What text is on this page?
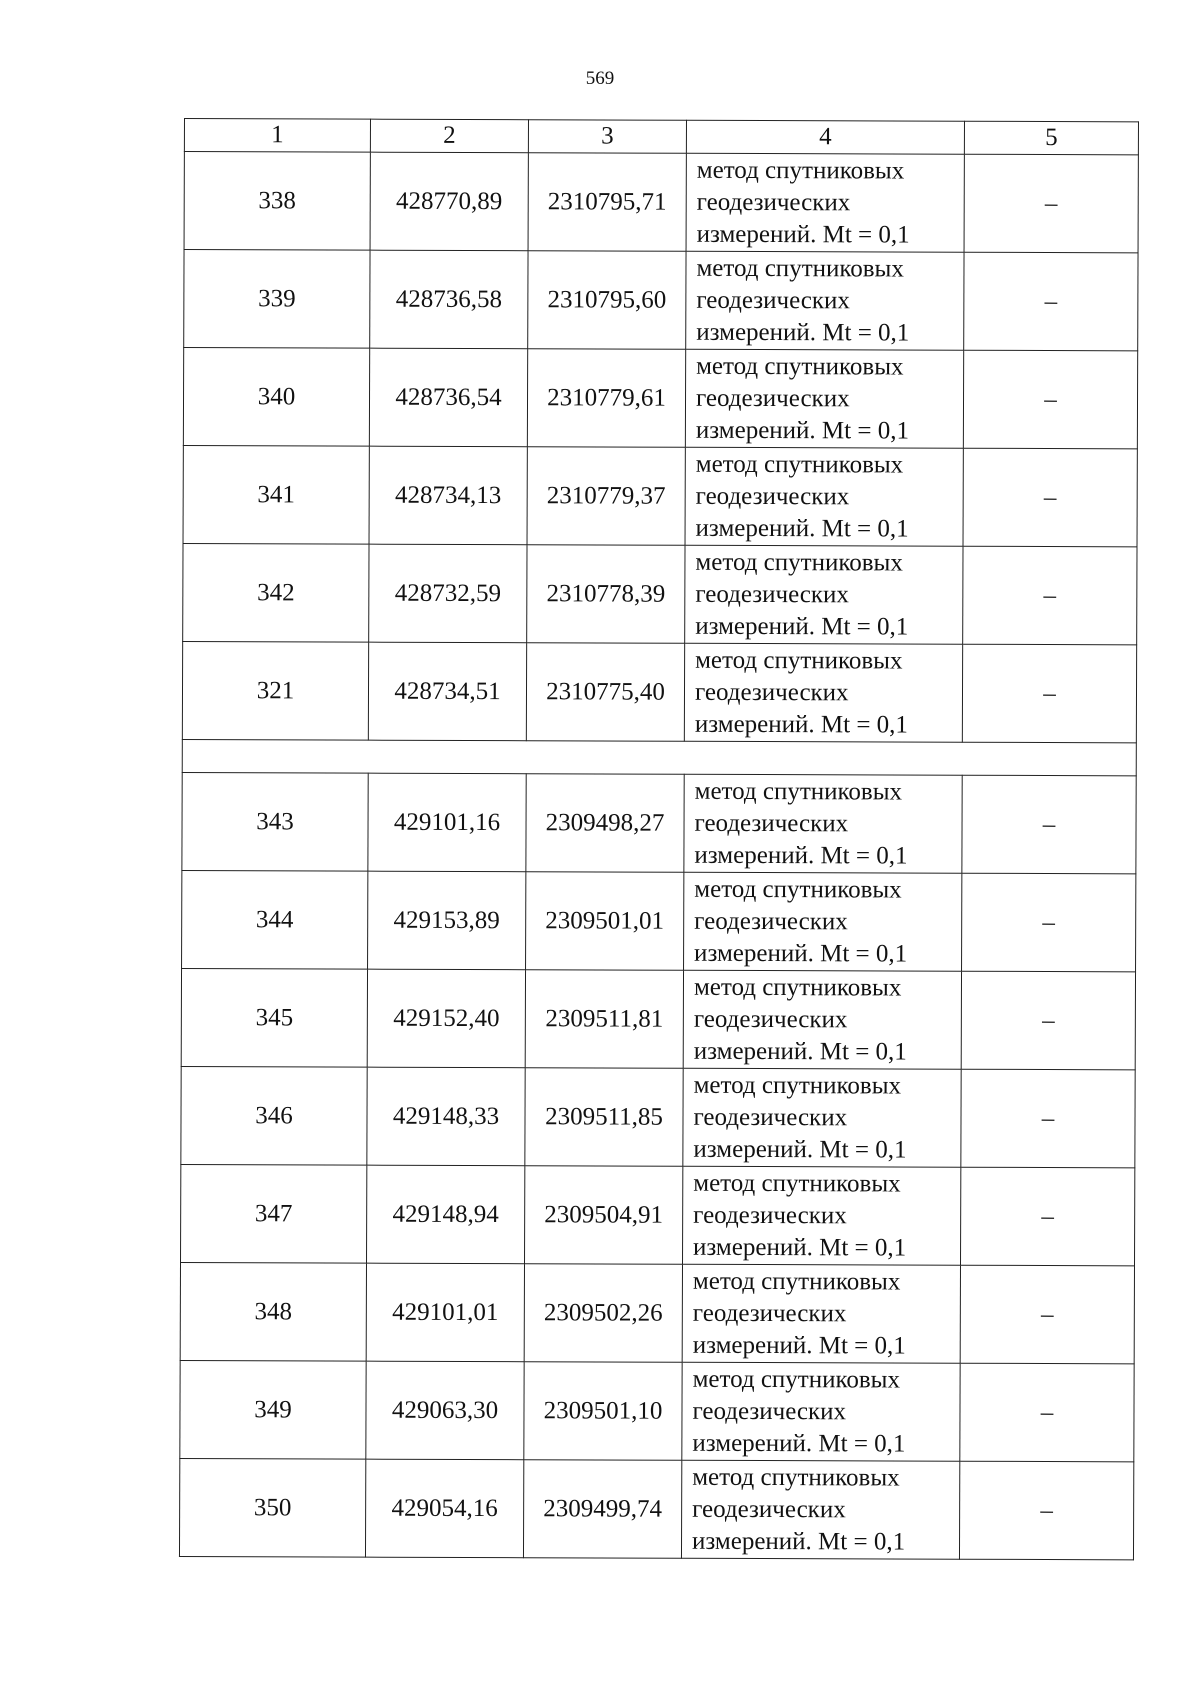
569
1	2	3	4	5
338	428770,89	2310795,71	метод спутниковых
геодезических
измерений. Mt = 0,1	–
339	428736,58	2310795,60	метод спутниковых
геодезических
измерений. Mt = 0,1	–
340	428736,54	2310779,61	метод спутниковых
геодезических
измерений. Mt = 0,1	–
341	428734,13	2310779,37	метод спутниковых
геодезических
измерений. Mt = 0,1	–
342	428732,59	2310778,39	метод спутниковых
геодезических
измерений. Mt = 0,1	–
321	428734,51	2310775,40	метод спутниковых
геодезических
измерений. Mt = 0,1	–

343	429101,16	2309498,27	метод спутниковых
геодезических
измерений. Mt = 0,1	–
344	429153,89	2309501,01	метод спутниковых
геодезических
измерений. Mt = 0,1	–
345	429152,40	2309511,81	метод спутниковых
геодезических
измерений. Mt = 0,1	–
346	429148,33	2309511,85	метод спутниковых
геодезических
измерений. Mt = 0,1	–
347	429148,94	2309504,91	метод спутниковых
геодезических
измерений. Mt = 0,1	–
348	429101,01	2309502,26	метод спутниковых
геодезических
измерений. Mt = 0,1	–
349	429063,30	2309501,10	метод спутниковых
геодезических
измерений. Mt = 0,1	–
350	429054,16	2309499,74	метод спутниковых
геодезических
измерений. Mt = 0,1	–
